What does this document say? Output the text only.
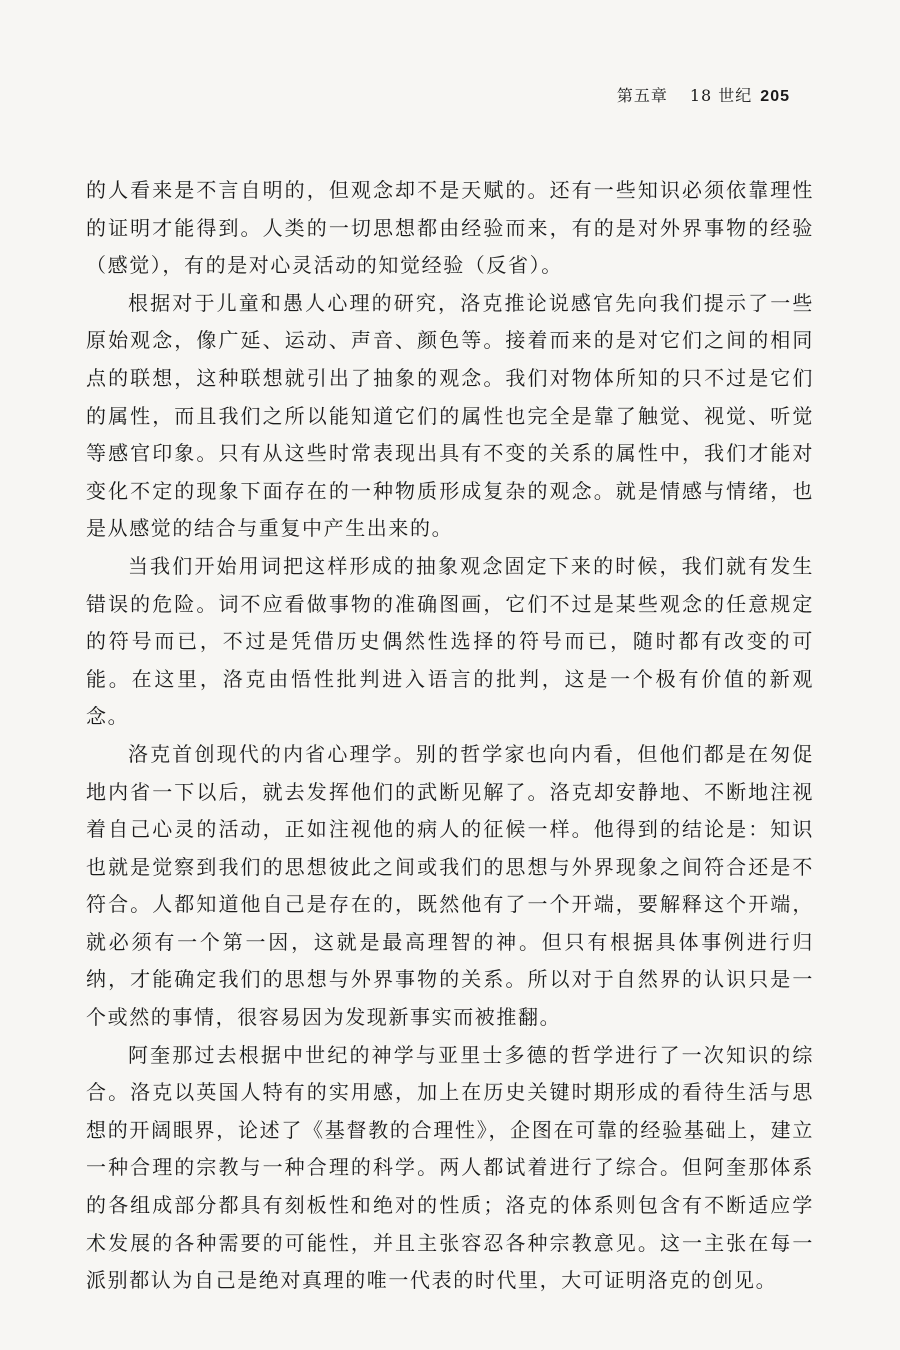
第五章 18 世纪 205

的人看来是不言自明的，但观念却不是天赋的。还有一些知识必须依靠理性的证明才能得到。人类的一切思想都由经验而来，有的是对外界事物的经验（感觉），有的是对心灵活动的知觉经验（反省）。

根据对于儿童和愚人心理的研究，洛克推论说感官先向我们提示了一些原始观念，像广延、运动、声音、颜色等。接着而来的是对它们之间的相同点的联想，这种联想就引出了抽象的观念。我们对物体所知的只不过是它们的属性，而且我们之所以能知道它们的属性也完全是靠了触觉、视觉、听觉等感官印象。只有从这些时常表现出具有不变的关系的属性中，我们才能对变化不定的现象下面存在的一种物质形成复杂的观念。就是情感与情绪，也是从感觉的结合与重复中产生出来的。

当我们开始用词把这样形成的抽象观念固定下来的时候，我们就有发生错误的危险。词不应看做事物的准确图画，它们不过是某些观念的任意规定的符号而已，不过是凭借历史偶然性选择的符号而已，随时都有改变的可能。在这里，洛克由悟性批判进入语言的批判，这是一个极有价值的新观念。

洛克首创现代的内省心理学。别的哲学家也向内看，但他们都是在匆促地内省一下以后，就去发挥他们的武断见解了。洛克却安静地、不断地注视着自己心灵的活动，正如注视他的病人的征候一样。他得到的结论是：知识也就是觉察到我们的思想彼此之间或我们的思想与外界现象之间符合还是不符合。人都知道他自己是存在的，既然他有了一个开端，要解释这个开端，就必须有一个第一因，这就是最高理智的神。但只有根据具体事例进行归纳，才能确定我们的思想与外界事物的关系。所以对于自然界的认识只是一个或然的事情，很容易因为发现新事实而被推翻。

阿奎那过去根据中世纪的神学与亚里士多德的哲学进行了一次知识的综合。洛克以英国人特有的实用感，加上在历史关键时期形成的看待生活与思想的开阔眼界，论述了《基督教的合理性》，企图在可靠的经验基础上，建立一种合理的宗教与一种合理的科学。两人都试着进行了综合。但阿奎那体系的各组成部分都具有刻板性和绝对的性质；洛克的体系则包含有不断适应学术发展的各种需要的可能性，并且主张容忍各种宗教意见。这一主张在每一派别都认为自己是绝对真理的唯一代表的时代里，大可证明洛克的创见。
